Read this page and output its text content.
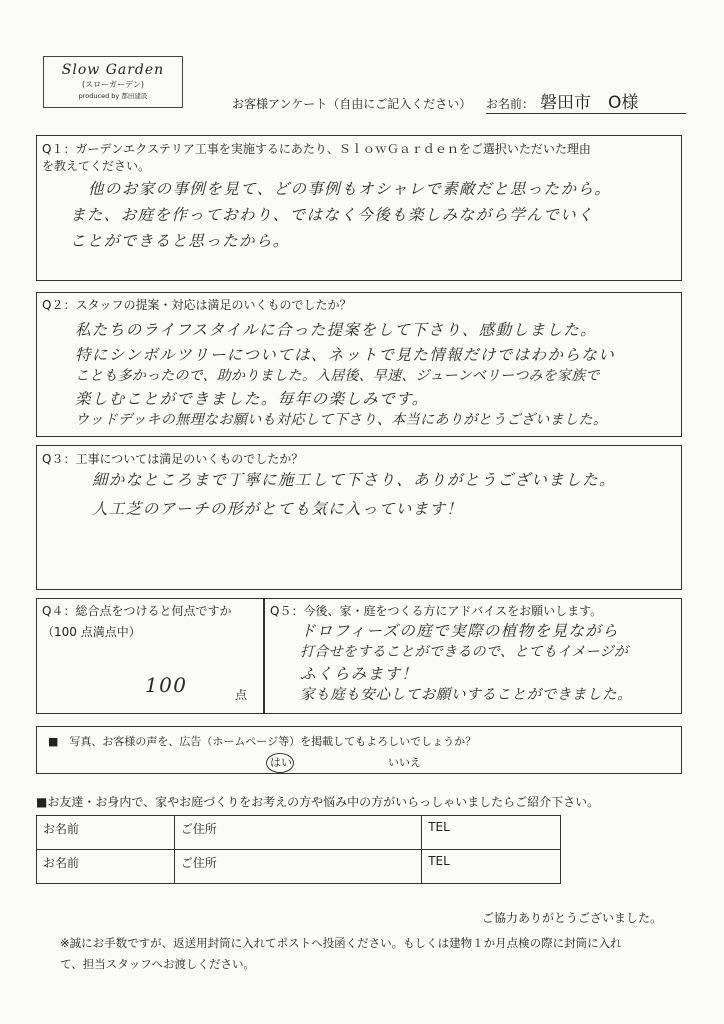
Slow Garden
(スローガーデン)
produced by 都田建設
お客様アンケート（自由にご記入ください） お名前： 磐田市　O様
Q１：ガーデンエクステリア工事を実施するにあたり、ＳｌｏｗＧａｒｄｅｎをご選択いただいた理由
を教えてください。
他のお家の事例を見て、どの事例もオシャレで素敵だと思ったから。
また、お庭を作っておわり、ではなく今後も楽しみながら学んでいく
ことができると思ったから。
Q２：スタッフの提案・対応は満足のいくものでしたか？
私たちのライフスタイルに合った提案をして下さり、感動しました。
特にシンボルツリーについては、ネットで見た情報だけではわからない
ことも多かったので、助かりました。入居後、早速、ジューンベリーつみを家族で
楽しむことができました。毎年の楽しみです。
ウッドデッキの無理なお願いも対応して下さり、本当にありがとうございました。
Q３：工事については満足のいくものでしたか？
細かなところまで丁寧に施工して下さり、ありがとうございました。
人工芝のアーチの形がとても気に入っています！
Q４：総合点をつけると何点ですか
（100 点満点中）
100	点
Q５：今後、家・庭をつくる方にアドバイスをお願いします。
ドロフィーズの庭で実際の植物を見ながら
打合せをすることができるので、とてもイメージが
ふくらみます！
家も庭も安心してお願いすることができました。
■　写真、お客様の声を、広告（ホームページ等）を掲載してもよろしいでしょうか？
はい	いいえ
■お友達・お身内で、家やお庭づくりをお考えの方や悩み中の方がいらっしゃいましたらご紹介下さい。
お名前	ご住所	TEL
お名前	ご住所	TEL
ご協力ありがとうございました。
※誠にお手数ですが、返送用封筒に入れてポストへ投函ください。もしくは建物１か月点検の際に封筒に入れ
て、担当スタッフへお渡しください。
